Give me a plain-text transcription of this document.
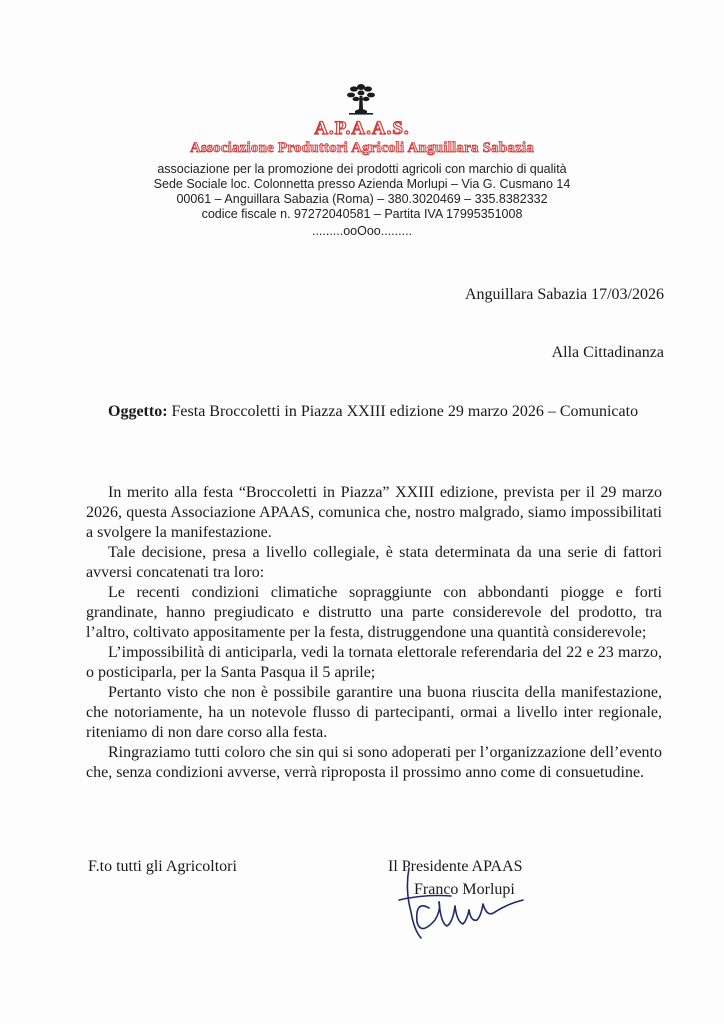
A.P.A.A.S.
Associazione Produttori Agricoli Anguillara Sabazia
associazione per la promozione dei prodotti agricoli con marchio di qualità
Sede Sociale loc. Colonnetta presso Azienda Morlupi – Via G. Cusmano 14
00061 – Anguillara Sabazia (Roma) – 380.3020469 – 335.8382332
codice fiscale n. 97272040581 – Partita IVA 17995351008
.........ooOoo.........
Anguillara Sabazia 17/03/2026
Alla Cittadinanza
Oggetto: Festa Broccoletti in Piazza XXIII edizione 29 marzo 2026 – Comunicato

In merito alla festa “Broccoletti in Piazza” XXIII edizione, prevista per il 29 marzo 2026, questa Associazione APAAS, comunica che, nostro malgrado, siamo impossibilitati a svolgere la manifestazione.

Tale decisione, presa a livello collegiale, è stata determinata da una serie di fattori avversi concatenati tra loro:

Le recenti condizioni climatiche sopraggiunte con abbondanti piogge e forti grandinate, hanno pregiudicato e distrutto una parte considerevole del prodotto, tra l’altro, coltivato appositamente per la festa, distruggendone una quantità considerevole;

L’impossibilità di anticiparla, vedi la tornata elettorale referendaria del 22 e 23 marzo, o posticiparla, per la Santa Pasqua il 5 aprile;

Pertanto visto che non è possibile garantire una buona riuscita della manifestazione, che notoriamente, ha un notevole flusso di partecipanti, ormai a livello inter regionale, riteniamo di non dare corso alla festa.

Ringraziamo tutti coloro che sin qui si sono adoperati per l’organizzazione dell’evento che, senza condizioni avverse, verrà riproposta il prossimo anno come di consuetudine.

F.to tutti gli Agricoltori	Il Presidente APAAS
Franco Morlupi
